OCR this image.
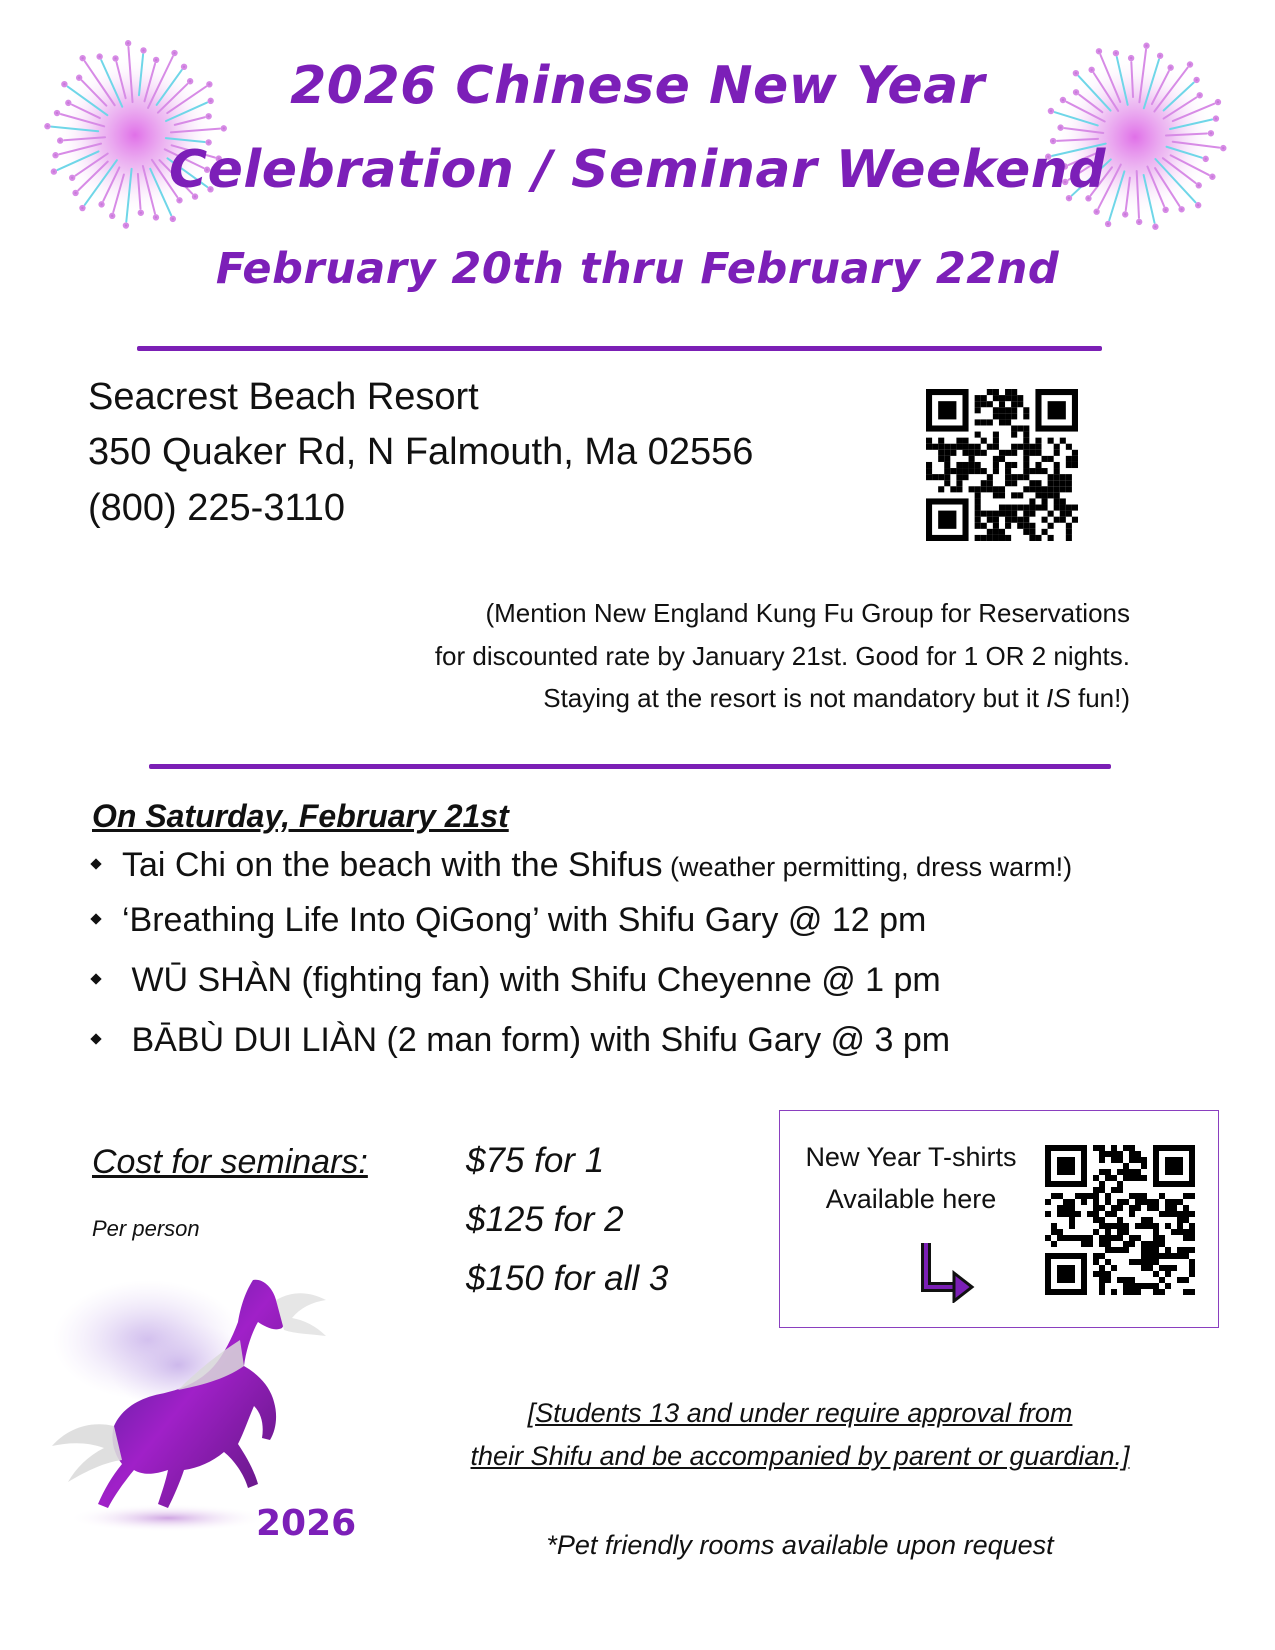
2026 Chinese New Year
Celebration / Seminar Weekend
February 20th thru February 22nd
Seacrest Beach Resort
350 Quaker Rd, N Falmouth, Ma 02556
(800) 225-3110
(Mention New England Kung Fu Group for Reservations
for discounted rate by January 21st. Good for 1 OR 2 nights.
Staying at the resort is not mandatory but it IS fun!)
On Saturday, February 21st
Tai Chi on the beach with the Shifus (weather permitting, dress warm!)
‘Breathing Life Into QiGong’ with Shifu Gary @ 12 pm
WŪ SHÀN (fighting fan) with Shifu Cheyenne @ 1 pm
BĀBÙ DUI LIÀN (2 man form) with Shifu Gary @ 3 pm
Cost for seminars:
Per person
$75 for 1
$125 for 2
$150 for all 3
New Year T-shirts
Available here
2026
[Students 13 and under require approval from
their Shifu and be accompanied by parent or guardian.]
*Pet friendly rooms available upon request
